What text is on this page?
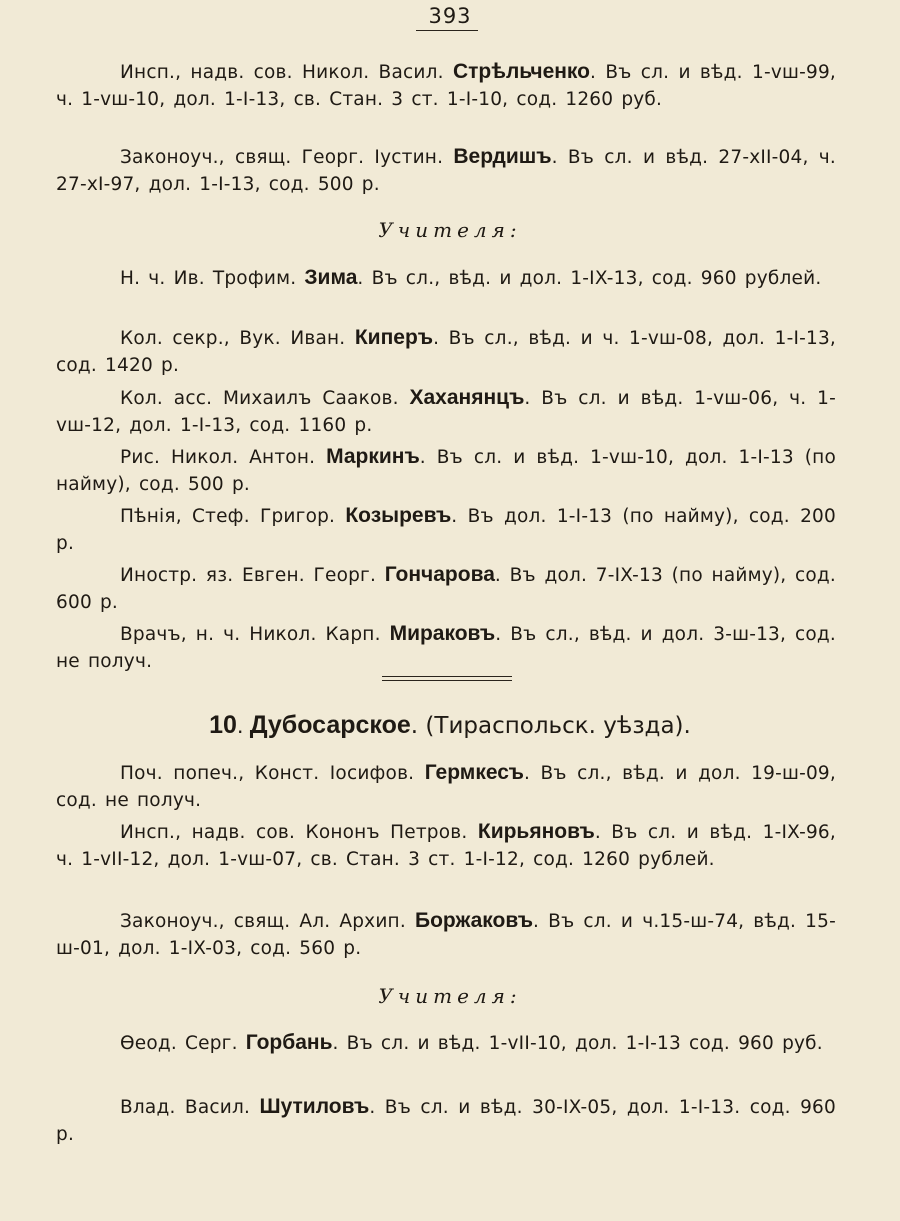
393

Инсп., надв. сов. Никол. Васил. Стрѣльченко. Въ сл. и вѣд. 1-vш-99, ч. 1-vш-10, дол. 1-I-13, св. Стан. 3 ст. 1-I-10, сод. 1260 руб.

Законоуч., свящ. Георг. Іустин. Вердишъ. Въ сл. и вѣд. 27-хII-04, ч. 27-хI-97, дол. 1-I-13, сод. 500 р.

Учителя:

Н. ч. Ив. Трофим. Зима. Въ сл., вѣд. и дол. 1-IX-13, сод. 960 рублей.

Кол. секр., Вук. Иван. Киперъ. Въ сл., вѣд. и ч. 1-vш-08, дол. 1-I-13, сод. 1420 р.

Кол. асс. Михаилъ Сааков. Хаханянцъ. Въ сл. и вѣд. 1-vш-06, ч. 1-vш-12, дол. 1-I-13, сод. 1160 р.

Рис. Никол. Антон. Маркинъ. Въ сл. и вѣд. 1-vш-10, дол. 1-I-13 (по найму), сод. 500 р.

Пѣнія, Стеф. Григор. Козыревъ. Въ дол. 1-I-13 (по найму), сод. 200 р.

Иностр. яз. Евген. Георг. Гончарова. Въ дол. 7-IX-13 (по найму), сод. 600 р.

Врачъ, н. ч. Никол. Карп. Мираковъ. Въ сл., вѣд. и дол. 3-ш-13, сод. не получ.

10. Дубосарское. (Тираспольск. уѣзда).

Поч. попеч., Конст. Іосифов. Гермкесъ. Въ сл., вѣд. и дол. 19-ш-09, сод. не получ.

Инсп., надв. сов. Кононъ Петров. Кирьяновъ. Въ сл. и вѣд. 1-IX-96, ч. 1-vII-12, дол. 1-vш-07, св. Стан. 3 ст. 1-I-12, сод. 1260 рублей.

Законоуч., свящ. Ал. Архип. Боржаковъ. Въ сл. и ч.15-ш-74, вѣд. 15-ш-01, дол. 1-IX-03, сод. 560 р.

Учителя:

Өеод. Серг. Горбань. Въ сл. и вѣд. 1-vII-10, дол. 1-I-13 сод. 960 руб.

Влад. Васил. Шутиловъ. Въ сл. и вѣд. 30-IX-05, дол. 1-I-13. сод. 960 р.
